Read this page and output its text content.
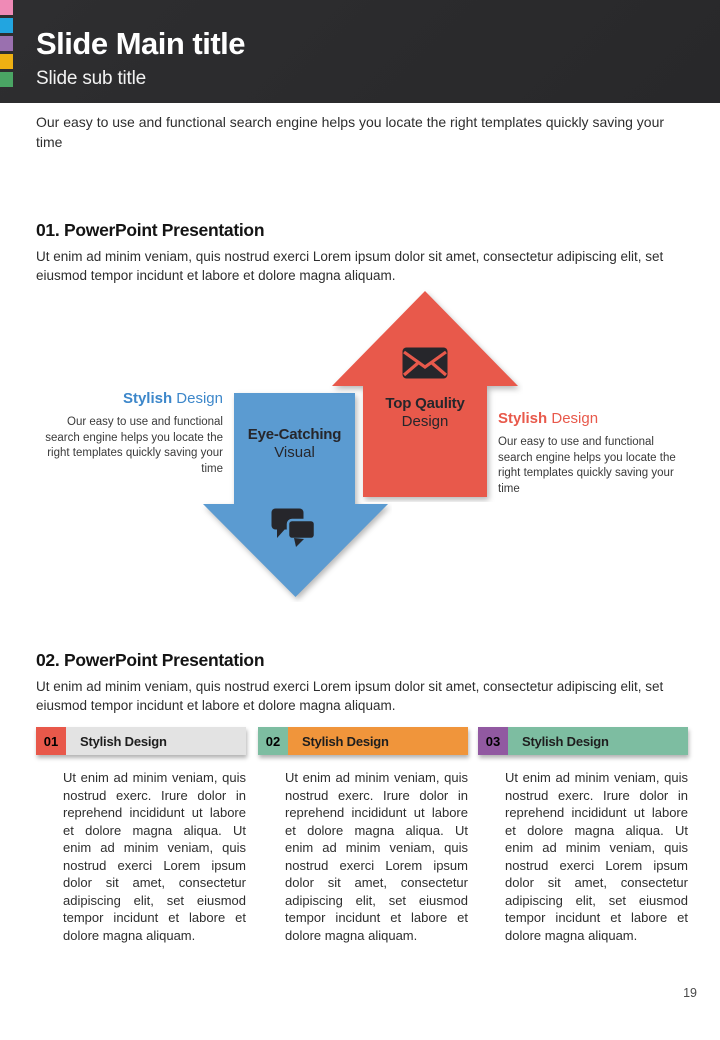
Slide Main title
Slide sub title
Our easy to use and functional search engine helps you locate the right templates quickly saving your time
01. PowerPoint Presentation
Ut enim ad minim veniam, quis nostrud exerci Lorem ipsum dolor sit amet, consectetur adipiscing elit, set eiusmod tempor incidunt et labore et dolore magna aliquam.
Top Qaulity
Design
Eye-Catching
Visual
Stylish Design
Our easy to use and functional search engine helps you locate the right templates quickly saving your time
Stylish Design
Our easy to use and functional search engine helps you locate the right templates quickly saving your time
02. PowerPoint Presentation
Ut enim ad minim veniam, quis nostrud exerci Lorem ipsum dolor sit amet, consectetur adipiscing elit, set eiusmod tempor incidunt et labore et dolore magna aliquam.
01	Stylish Design	02	Stylish Design	03	Stylish Design
Ut enim ad minim veniam, quis nostrud exerc. Irure dolor in reprehend incididunt ut labore et dolore magna aliqua. Ut enim ad minim veniam, quis nostrud exerci Lorem ipsum dolor sit amet, consectetur adipiscing elit, set eiusmod tempor incidunt et labore et dolore magna aliquam.
Ut enim ad minim veniam, quis nostrud exerc. Irure dolor in reprehend incididunt ut labore et dolore magna aliqua. Ut enim ad minim veniam, quis nostrud exerci Lorem ipsum dolor sit amet, consectetur adipiscing elit, set eiusmod tempor incidunt et labore et dolore magna aliquam.
Ut enim ad minim veniam, quis nostrud exerc. Irure dolor in reprehend incididunt ut labore et dolore magna aliqua. Ut enim ad minim veniam, quis nostrud exerci Lorem ipsum dolor sit amet, consectetur adipiscing elit, set eiusmod tempor incidunt et labore et dolore magna aliquam.
19
